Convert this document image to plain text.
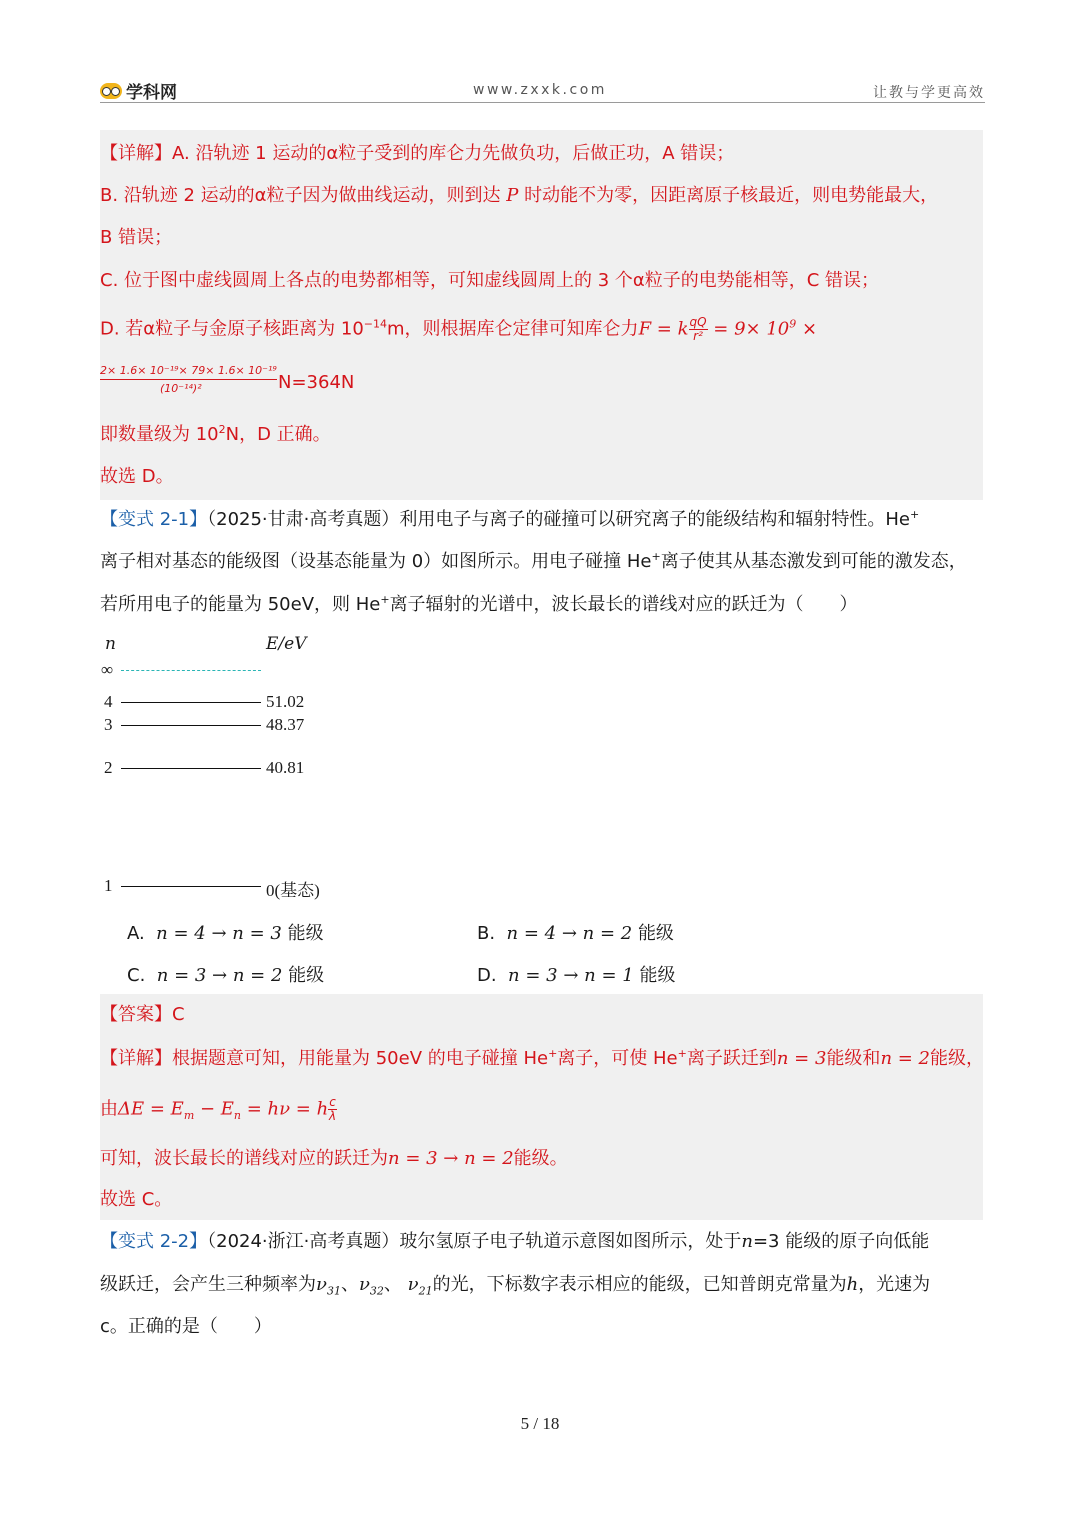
学科网	www.zxxk.com	让教与学更高效
【详解】A. 沿轨迹 1 运动的α粒子受到的库仑力先做负功，后做正功，A 错误；
B. 沿轨迹 2 运动的α粒子因为做曲线运动，则到达 P 时动能不为零，因距离原子核最近，则电势能最大，
B 错误；
C. 位于图中虚线圆周上各点的电势都相等，可知虚线圆周上的 3 个α粒子的电势能相等，C 错误；
D. 若α粒子与金原子核距离为 $10^{-14}m$，则根据库仑定律可知库仑力F = k $\frac{qQ}{\text{r²}} = 9\times 10^9$ ×
$\frac{\text{2× 1.6× 10⁻¹⁹× 79× 1.6× 10⁻¹⁹}}{\text{(10⁻¹⁴)²}} N=364N$
即数量级为 $10^2N$，D 正确。
故选 D。
【变式 2-1】（2025·甘肃·高考真题）利用电子与离子的碰撞可以研究离子的能级结构和辐射特性。He+
离子相对基态的能级图（设基态能量为 0）如图所示。用电子碰撞 He+离子使其从基态激发到可能的激发态，
若所用电子的能量为 50eV，则 He+离子辐射的光谱中，波长最长的谱线对应的跃迁为（　　）
n	E/eV
∞
4	51.02
3	48.37
2	40.81
1	0(基态)
A. n = 4 → n = 3 能级	B. n = 4 → n = 2 能级
C. n = 3 → n = 2 能级	D. n = 3 → n = 1 能级
【答案】C
【详解】根据题意可知，用能量为 50eV 的电子碰撞 He+离子，可使 He+离子跃迁到n = 3能级和n = 2能级，
由$\Delta E = E_m - E_n = h\nu = h \frac{c}{\lambda}$
可知，波长最长的谱线对应的跃迁为n = 3 → n = 2能级。
故选 C。
【变式 2-2】（2024·浙江·高考真题）玻尔氢原子电子轨道示意图如图所示，处于n=3 能级的原子向低能
级跃迁，会产生三种频率为$\nu_{31}$、$\nu_{32}$、 $\nu_{21}$的光，下标数字表示相应的能级，已知普朗克常量为h，光速为
c。正确的是（　　）
5 / 18
